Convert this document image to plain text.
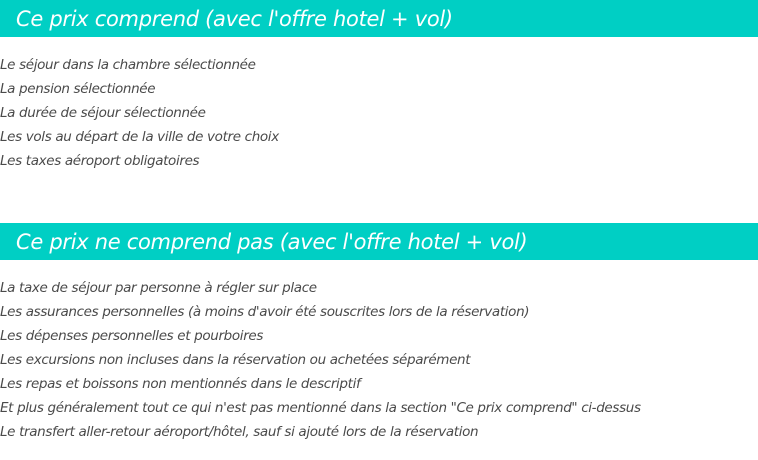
Ce prix comprend (avec l'offre hotel + vol)
Le séjour dans la chambre sélectionnée
La pension sélectionnée
La durée de séjour sélectionnée
Les vols au départ de la ville de votre choix
Les taxes aéroport obligatoires
Ce prix ne comprend pas (avec l'offre hotel + vol)
La taxe de séjour par personne à régler sur place
Les assurances personnelles (à moins d'avoir été souscrites lors de la réservation)
Les dépenses personnelles et pourboires
Les excursions non incluses dans la réservation ou achetées séparément
Les repas et boissons non mentionnés dans le descriptif
Et plus généralement tout ce qui n'est pas mentionné dans la section "Ce prix comprend" ci-dessus
Le transfert aller-retour aéroport/hôtel, sauf si ajouté lors de la réservation
